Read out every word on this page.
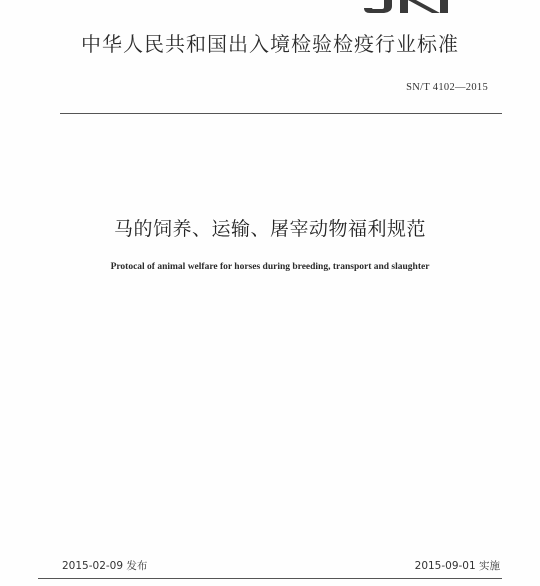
中华人民共和国出入境检验检疫行业标准
SN/T 4102—2015
马的饲养、运输、屠宰动物福利规范
Protocal of animal welfare for horses during breeding, transport and slaughter
2015-02-09 发布	2015-09-01 实施
